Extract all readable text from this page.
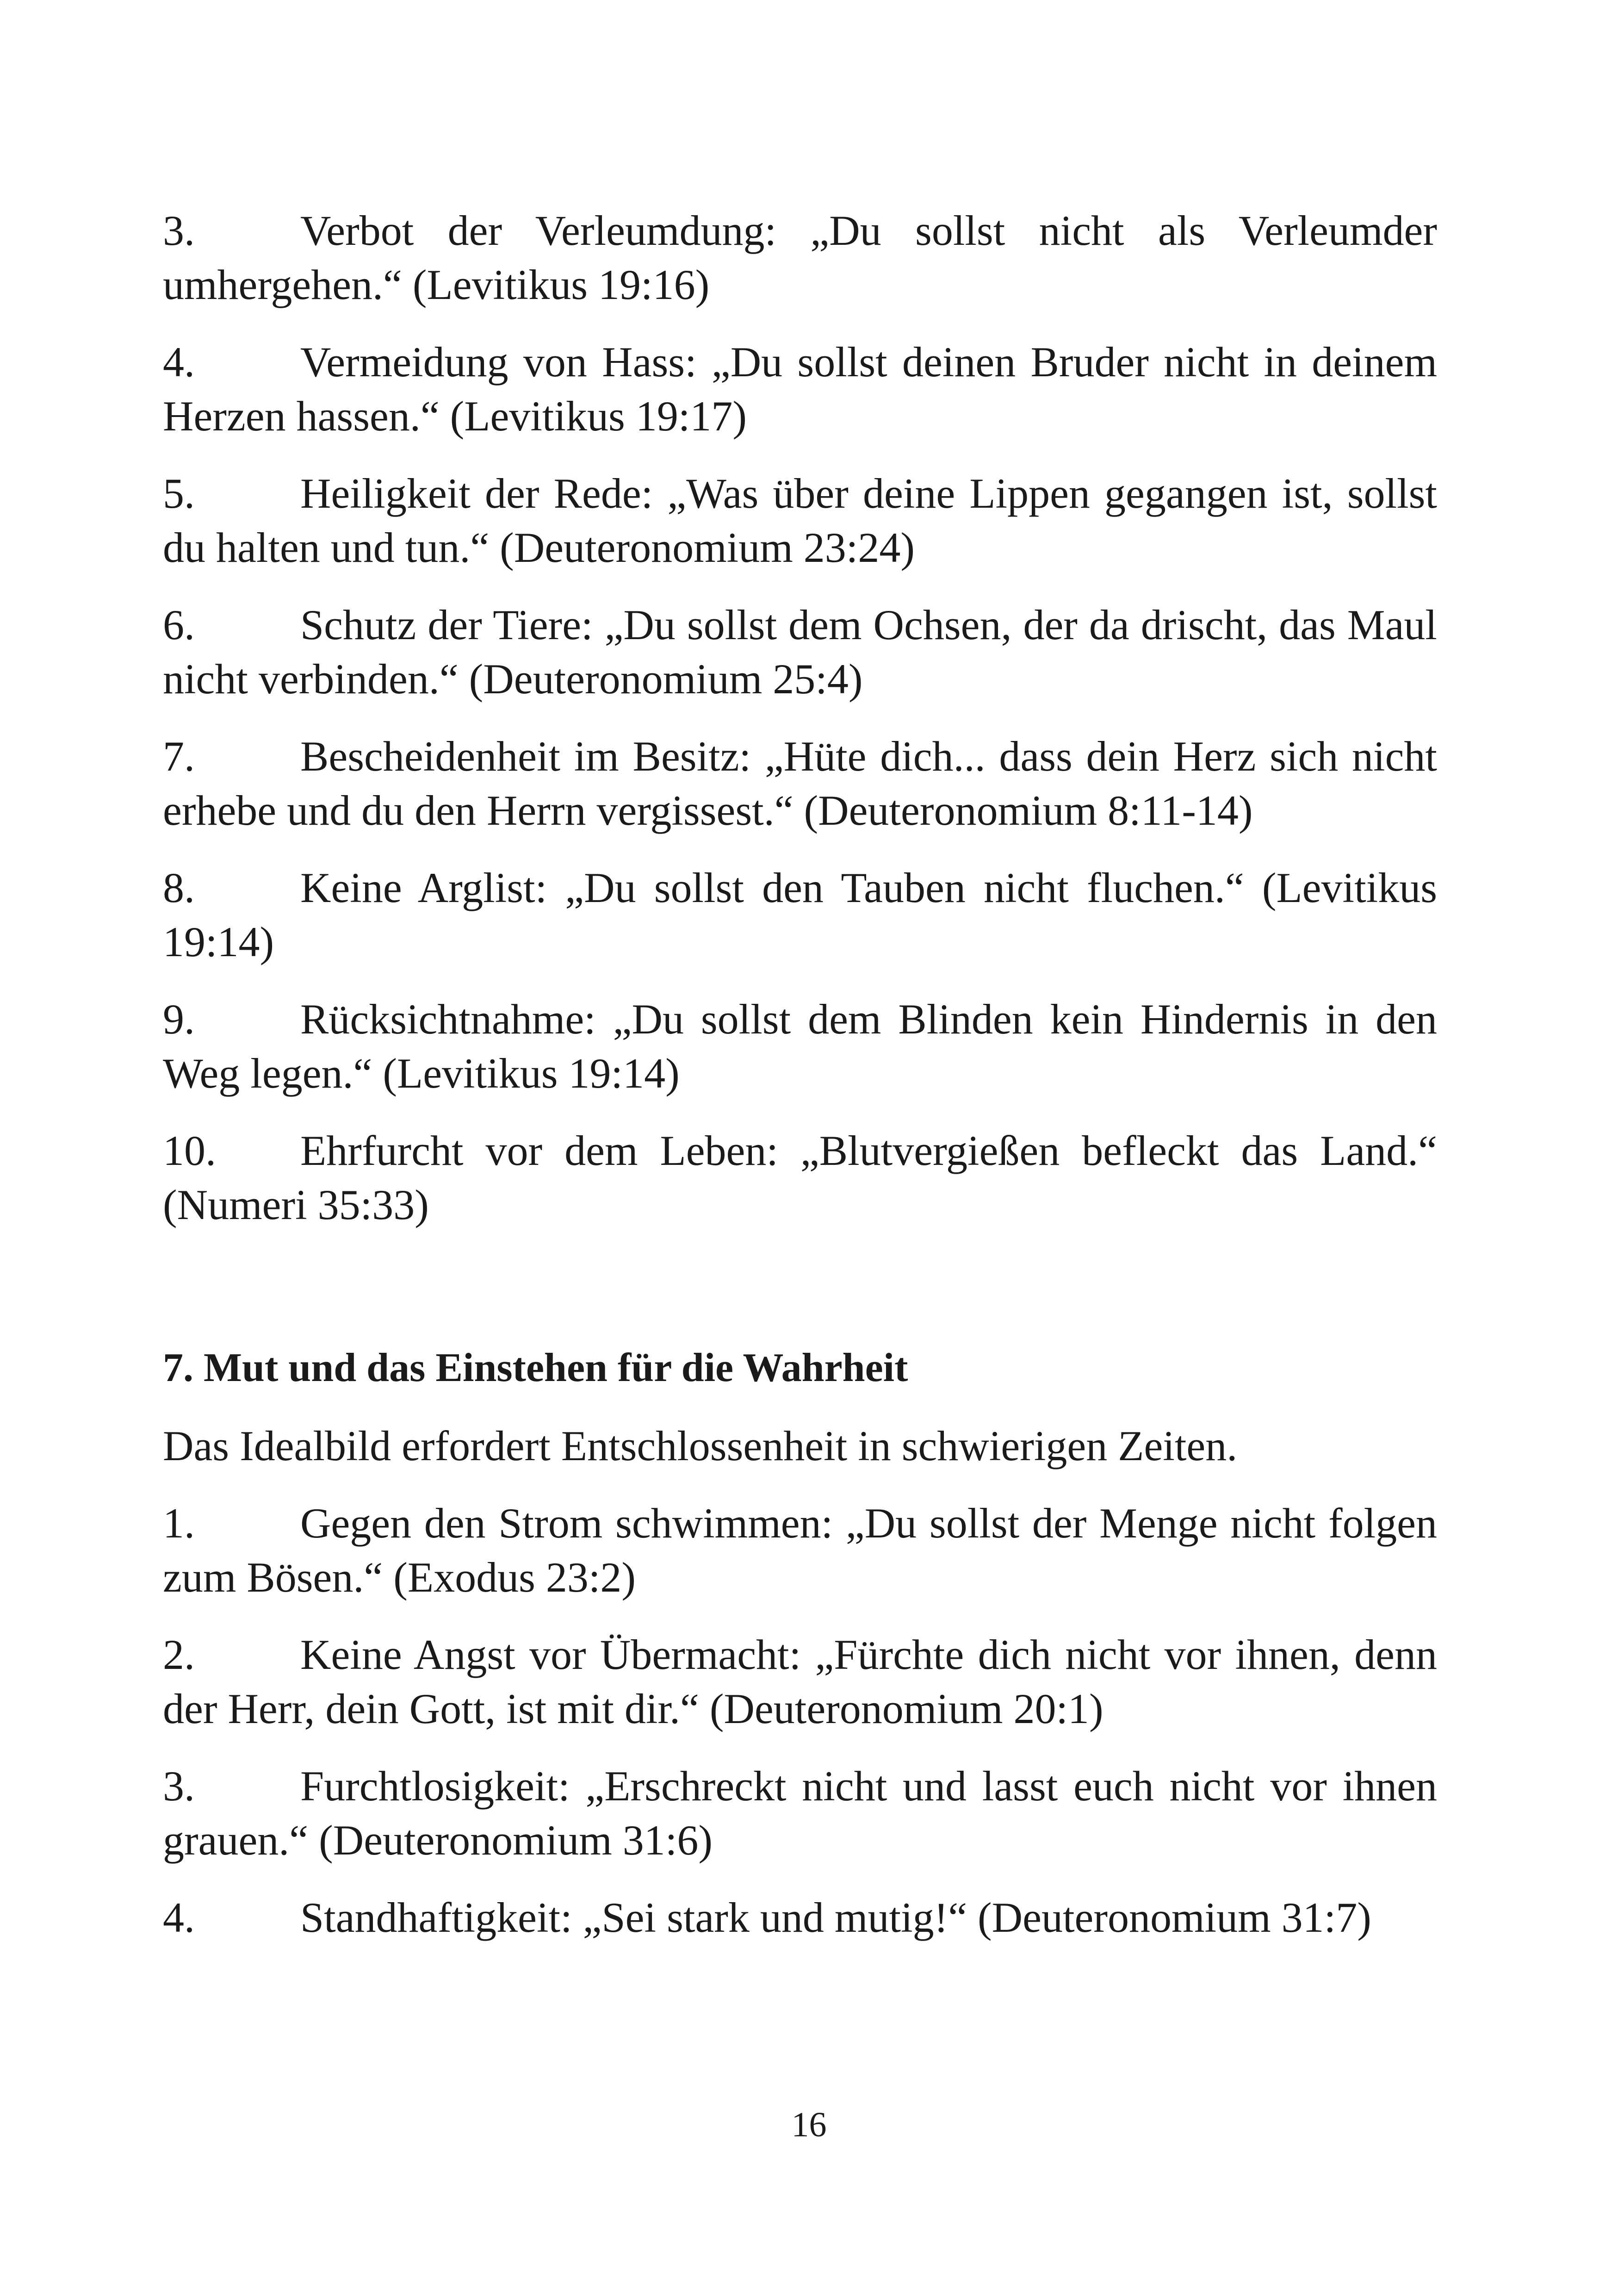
3. Verbot der Verleumdung: „Du sollst nicht als Verleumder umhergehen.“ (Levitikus 19:16)

4. Vermeidung von Hass: „Du sollst deinen Bruder nicht in deinem Herzen hassen.“ (Levitikus 19:17)

5. Heiligkeit der Rede: „Was über deine Lippen gegangen ist, sollst du halten und tun.“ (Deuteronomium 23:24)

6. Schutz der Tiere: „Du sollst dem Ochsen, der da drischt, das Maul nicht verbinden.“ (Deuteronomium 25:4)

7. Bescheidenheit im Besitz: „Hüte dich... dass dein Herz sich nicht erhebe und du den Herrn vergissest.“ (Deuteronomium 8:11-14)

8. Keine Arglist: „Du sollst den Tauben nicht fluchen.“ (Levitikus 19:14)

9. Rücksichtnahme: „Du sollst dem Blinden kein Hindernis in den Weg legen.“ (Levitikus 19:14)

10. Ehrfurcht vor dem Leben: „Blutvergießen befleckt das Land.“ (Numeri 35:33)

7. Mut und das Einstehen für die Wahrheit

Das Idealbild erfordert Entschlossenheit in schwierigen Zeiten.

1. Gegen den Strom schwimmen: „Du sollst der Menge nicht folgen zum Bösen.“ (Exodus 23:2)

2. Keine Angst vor Übermacht: „Fürchte dich nicht vor ihnen, denn der Herr, dein Gott, ist mit dir.“ (Deuteronomium 20:1)

3. Furchtlosigkeit: „Erschreckt nicht und lasst euch nicht vor ihnen grauen.“ (Deuteronomium 31:6)

4. Standhaftigkeit: „Sei stark und mutig!“ (Deuteronomium 31:7)

16
